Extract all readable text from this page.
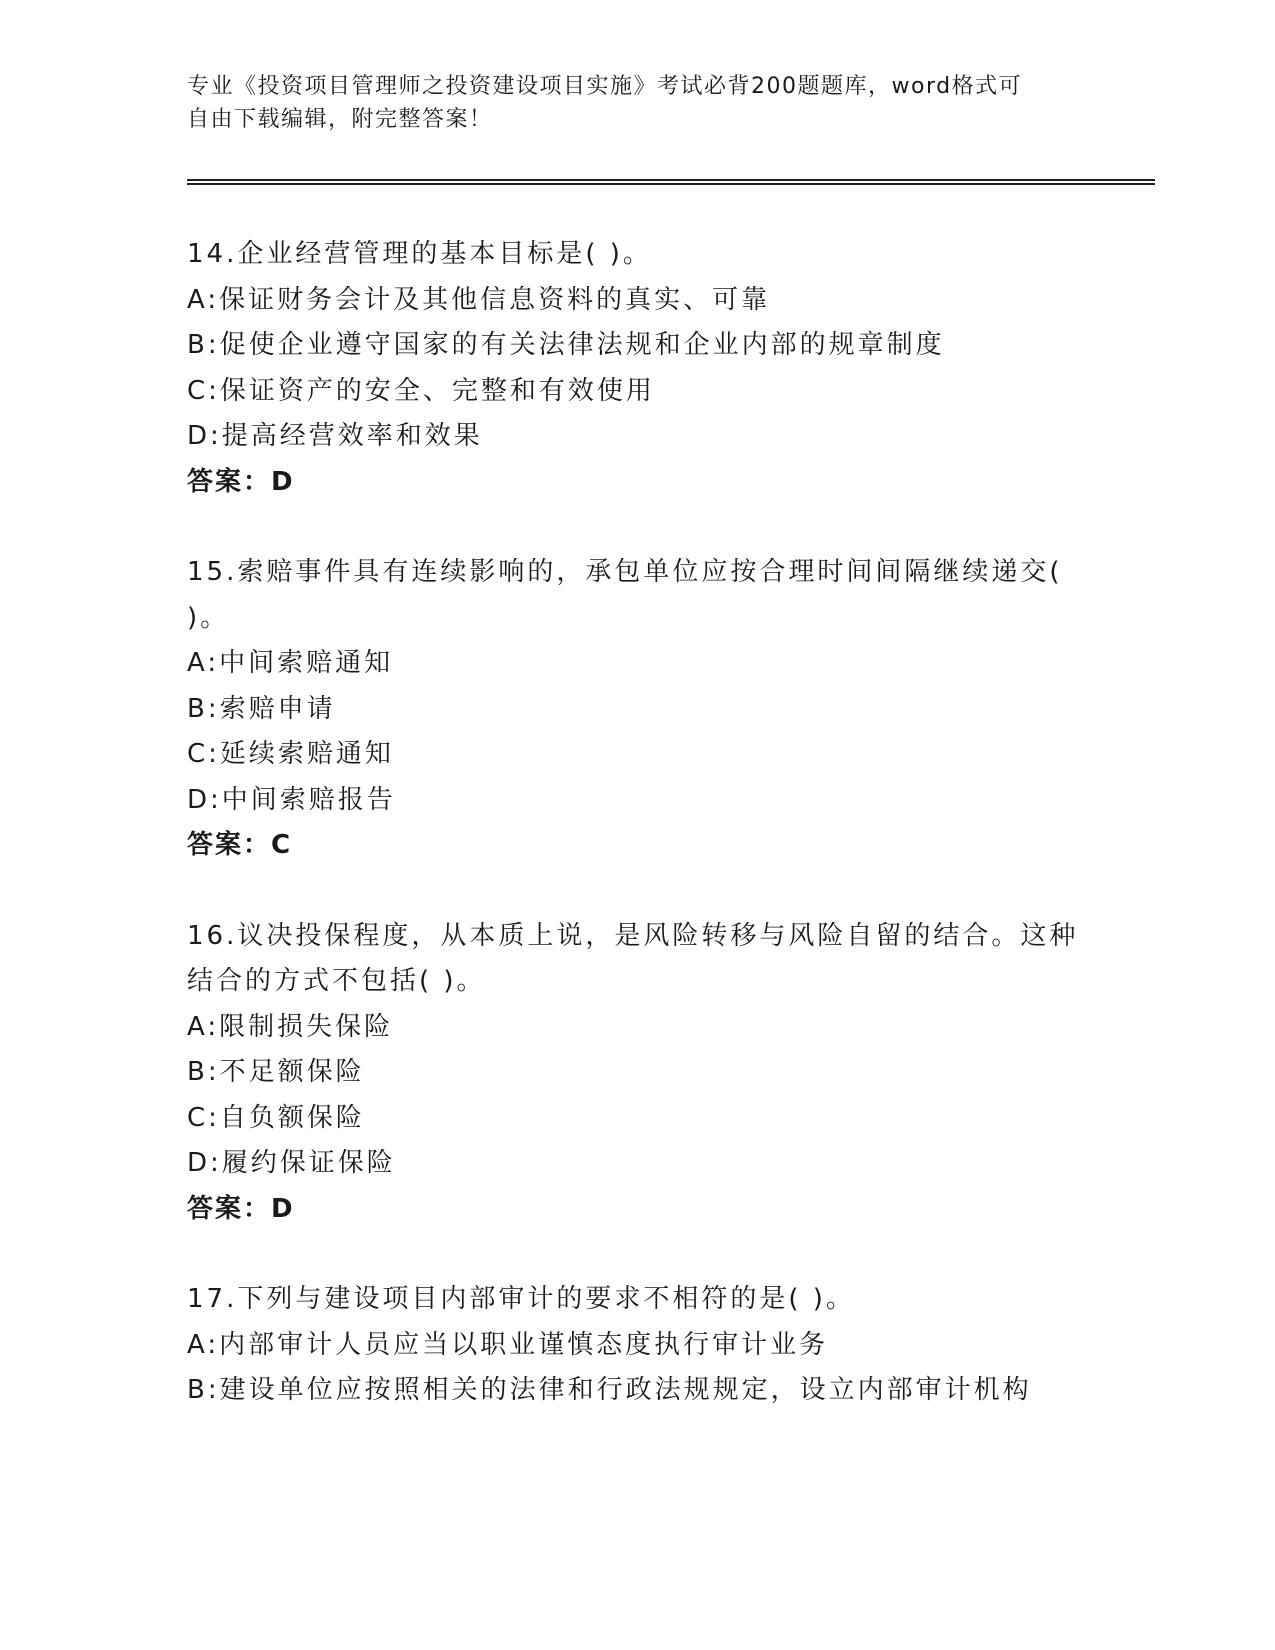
专业《投资项目管理师之投资建设项目实施》考试必背200题题库，word格式可
自由下载编辑，附完整答案！
14.企业经营管理的基本目标是( )。
A:保证财务会计及其他信息资料的真实、可靠
B:促使企业遵守国家的有关法律法规和企业内部的规章制度
C:保证资产的安全、完整和有效使用
D:提高经营效率和效果
答案：D
15.索赔事件具有连续影响的，承包单位应按合理时间间隔继续递交(
)。
A:中间索赔通知
B:索赔申请
C:延续索赔通知
D:中间索赔报告
答案：C
16.议决投保程度，从本质上说，是风险转移与风险自留的结合。这种
结合的方式不包括( )。
A:限制损失保险
B:不足额保险
C:自负额保险
D:履约保证保险
答案：D
17.下列与建设项目内部审计的要求不相符的是( )。
A:内部审计人员应当以职业谨慎态度执行审计业务
B:建设单位应按照相关的法律和行政法规规定，设立内部审计机构
